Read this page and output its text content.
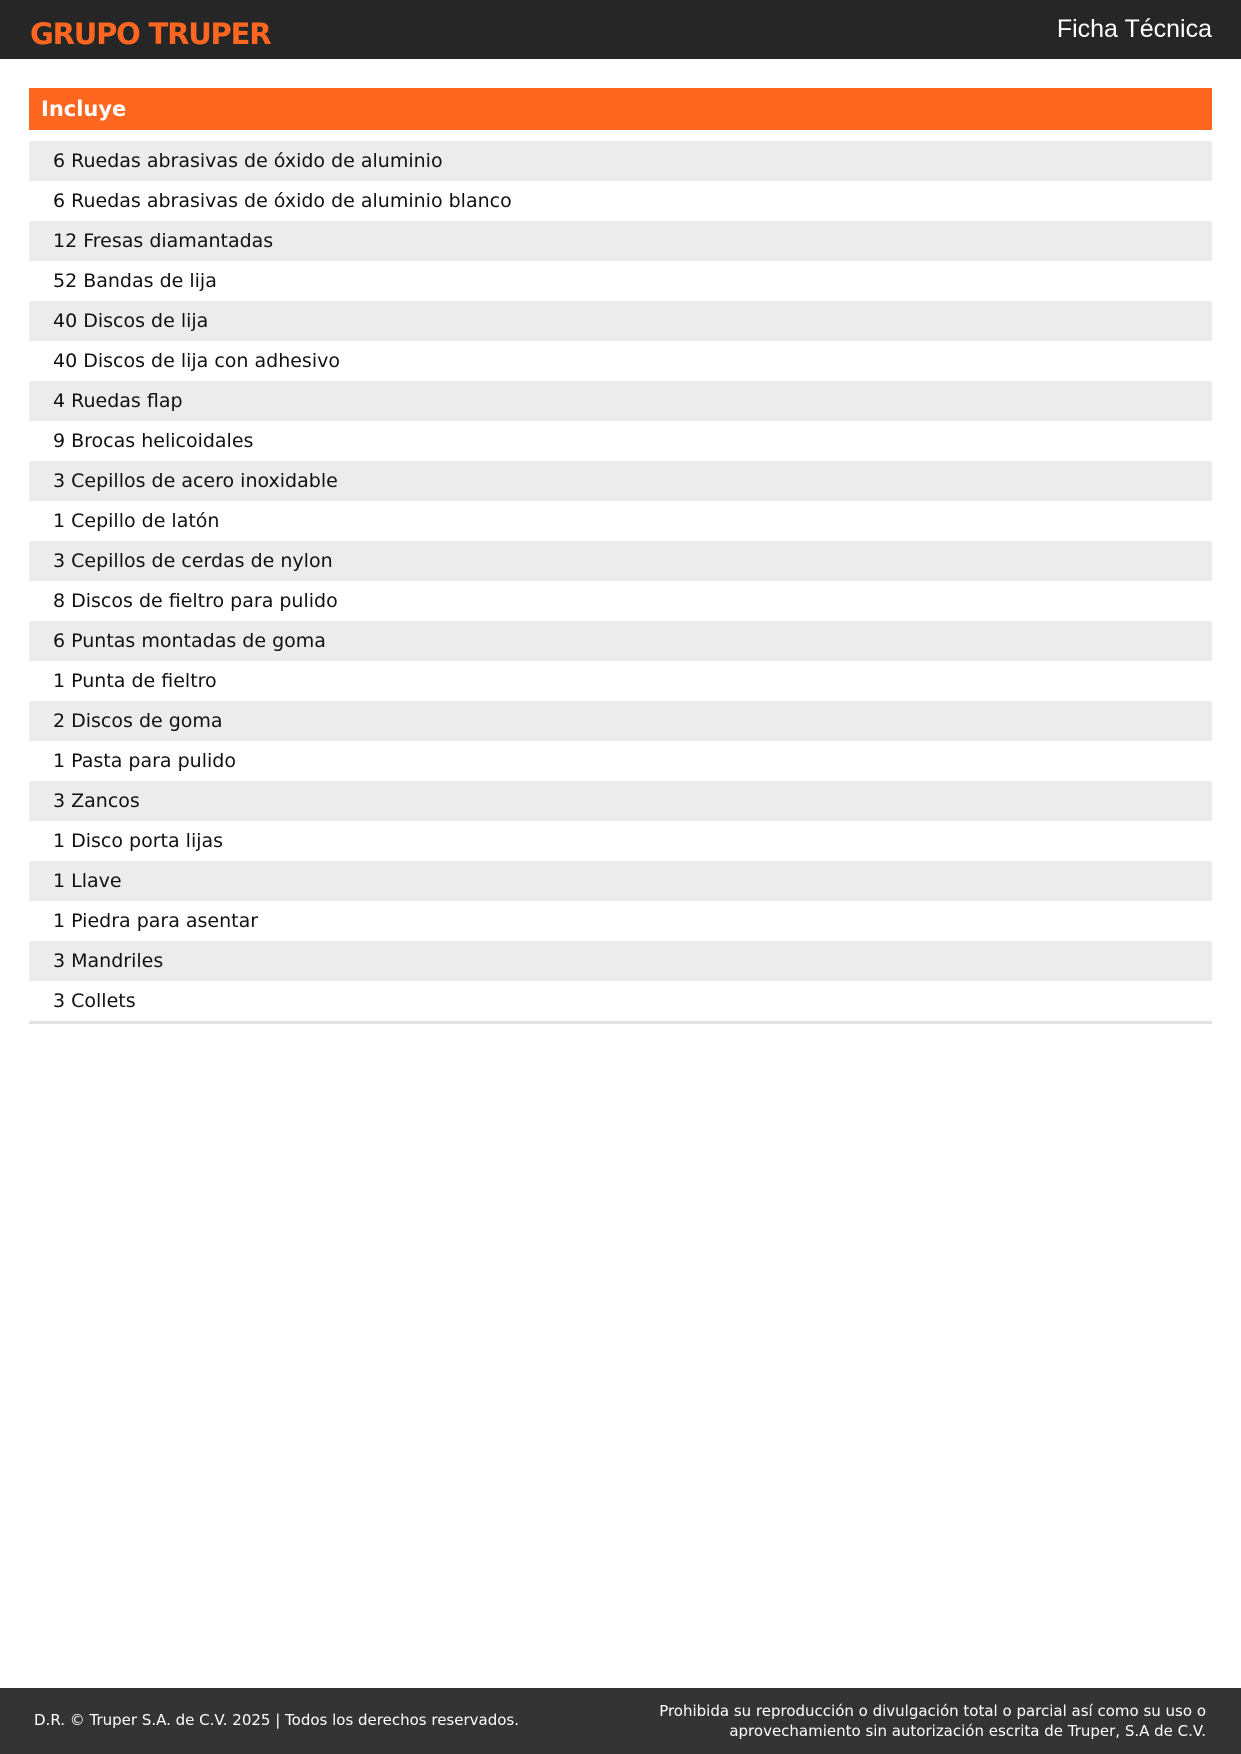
GRUPO TRUPER	Ficha Técnica
Incluye
6 Ruedas abrasivas de óxido de aluminio
6 Ruedas abrasivas de óxido de aluminio blanco
12 Fresas diamantadas
52 Bandas de lija
40 Discos de lija
40 Discos de lija con adhesivo
4 Ruedas flap
9 Brocas helicoidales
3 Cepillos de acero inoxidable
1 Cepillo de latón
3 Cepillos de cerdas de nylon
8 Discos de fieltro para pulido
6 Puntas montadas de goma
1 Punta de fieltro
2 Discos de goma
1 Pasta para pulido
3 Zancos
1 Disco porta lijas
1 Llave
1 Piedra para asentar
3 Mandriles
3 Collets
D.R. © Truper S.A. de C.V. 2025 | Todos los derechos reservados.	Prohibida su reproducción o divulgación total o parcial así como su uso o
aprovechamiento sin autorización escrita de Truper, S.A de C.V.
